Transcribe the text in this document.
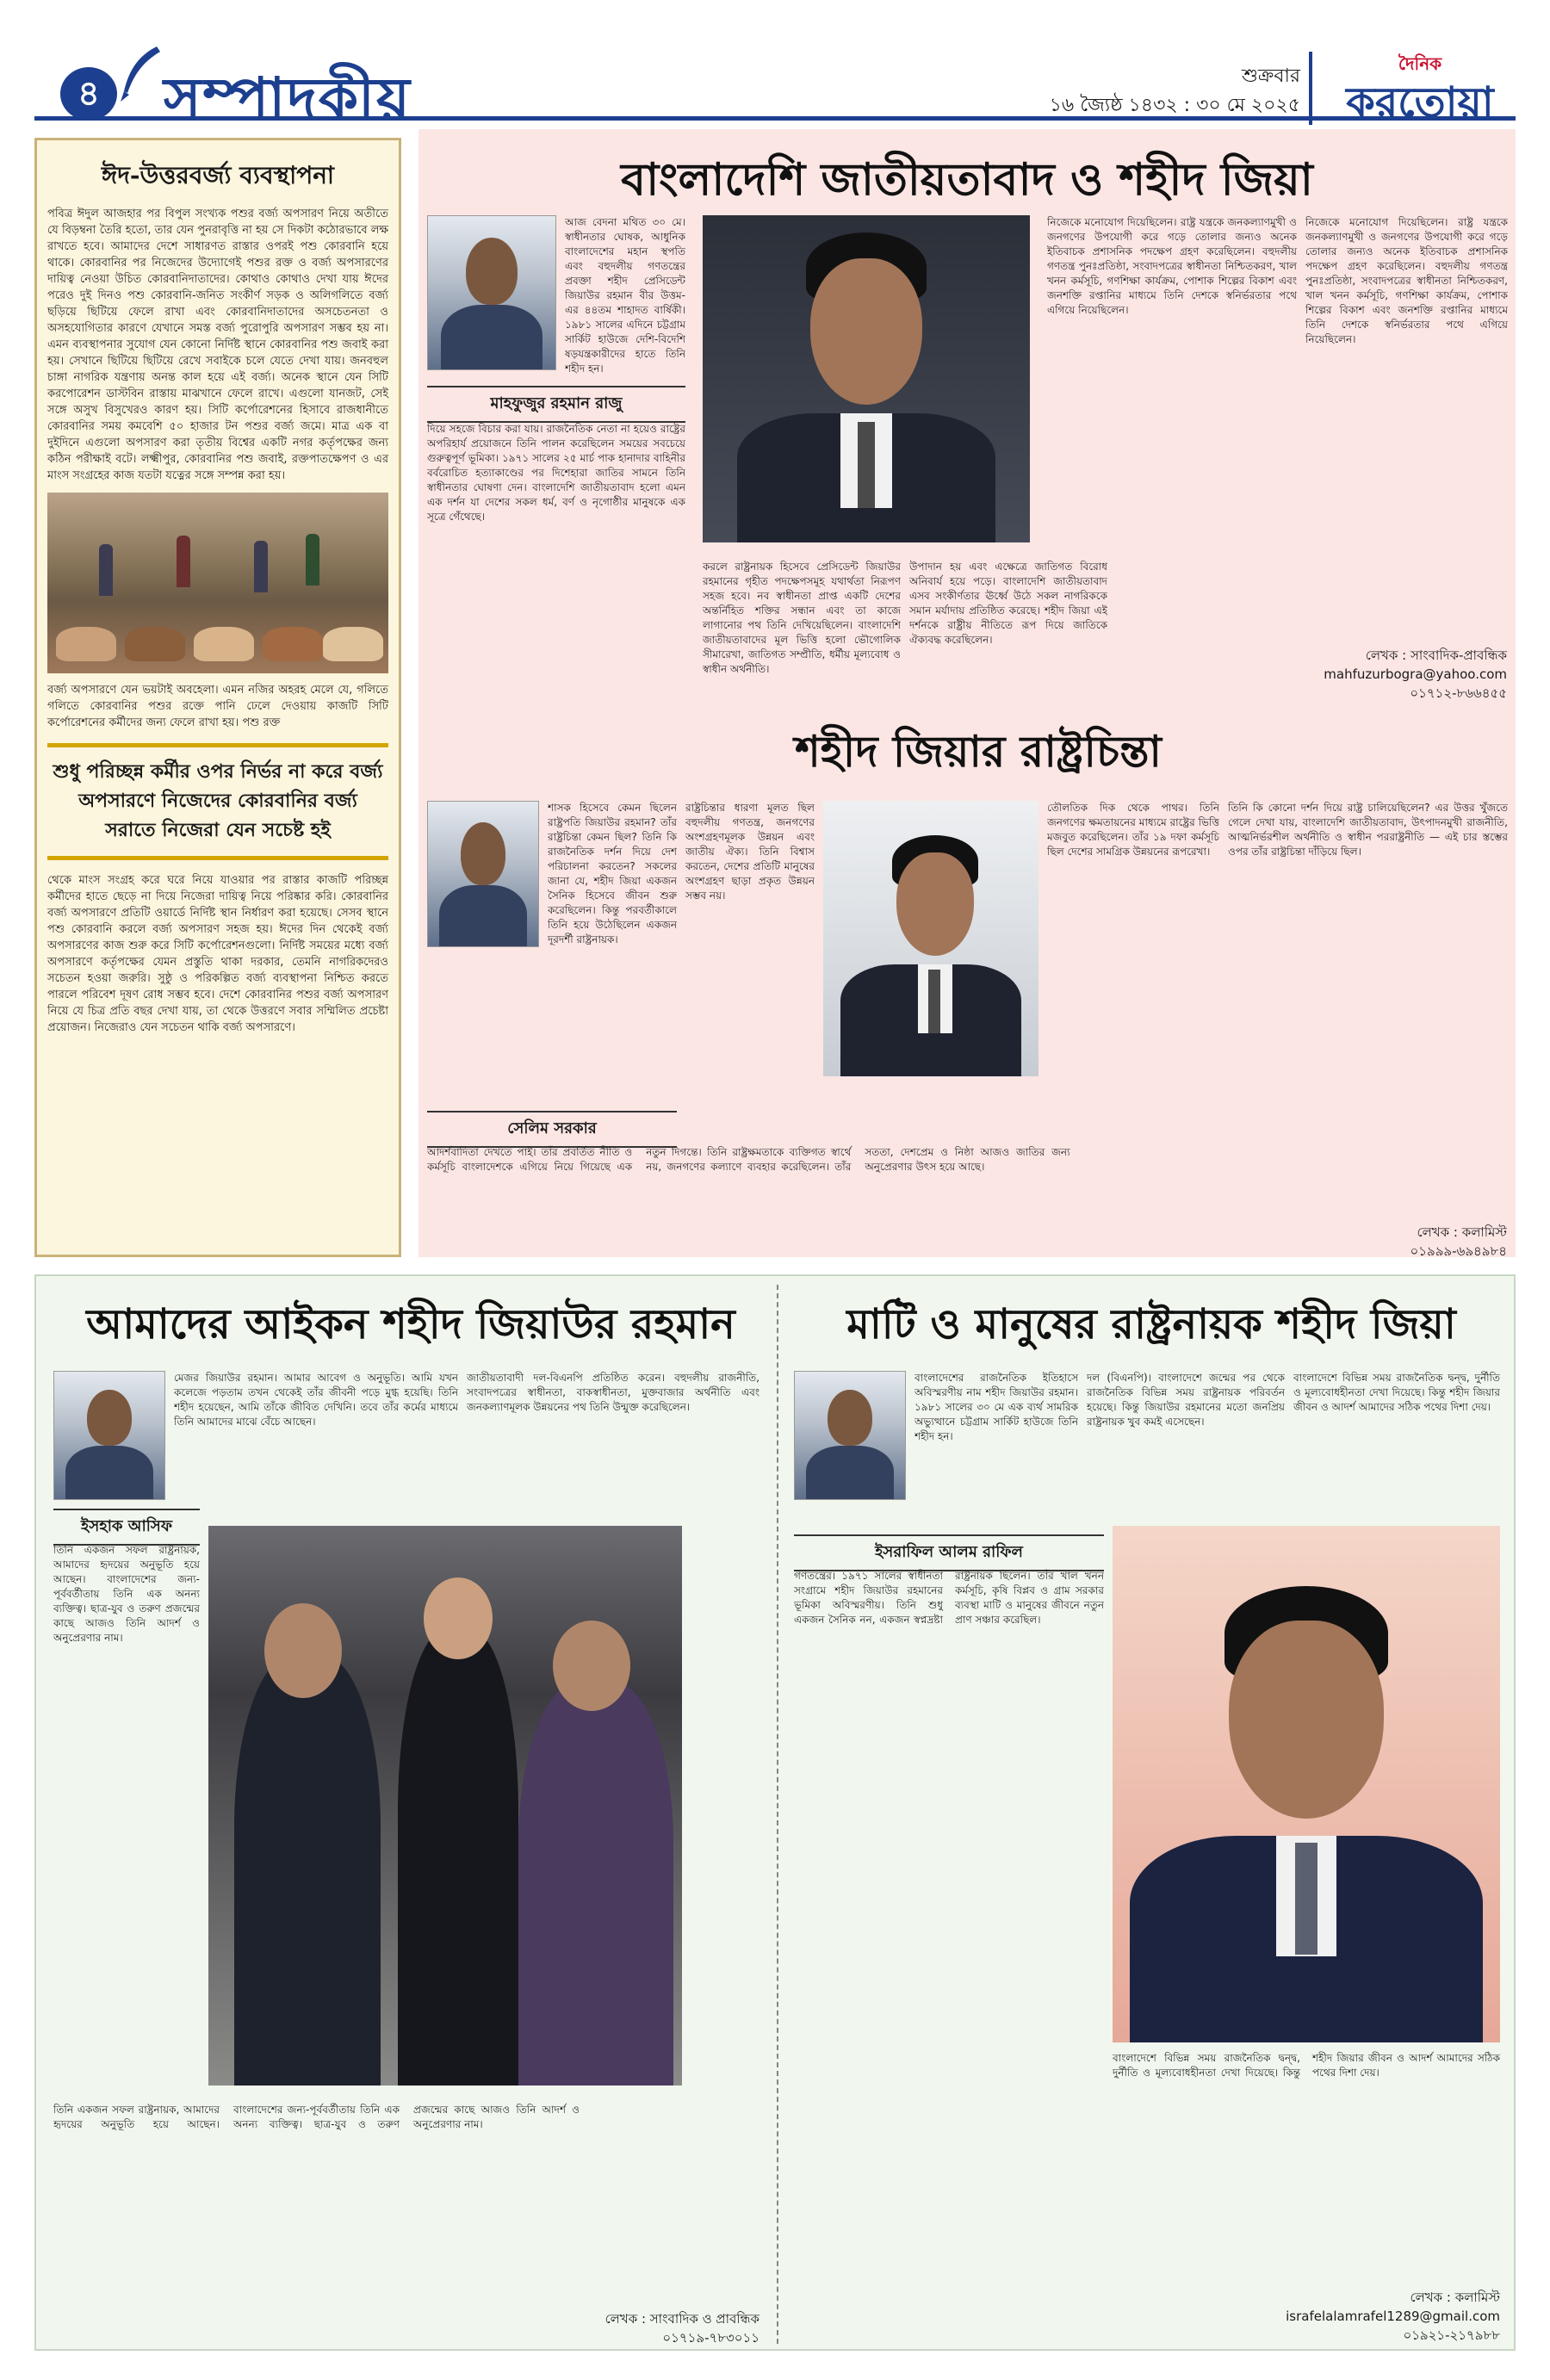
৪	সম্পাদকীয়	শুক্রবার
১৬ জ্যৈষ্ঠ ১৪৩২ : ৩০ মে ২০২৫
দৈনিক
করতোয়া
ঈদ-উত্তরবর্জ্য ব্যবস্থাপনা

পবিত্র ঈদুল আজহার পর বিপুল সংখ্যক পশুর বর্জ্য অপসারণ নিয়ে অতীতে যে বিড়ম্বনা তৈরি হতো, তার যেন পুনরাবৃত্তি না হয় সে দিকটা কঠোরভাবে লক্ষ রাখতে হবে। আমাদের দেশে সাধারণত রাস্তার ওপরই পশু কোরবানি হয়ে থাকে। কোরবানির পর নিজেদের উদ্যোগেই পশুর রক্ত ও বর্জ্য অপসারণের দায়িত্ব নেওয়া উচিত কোরবানিদাতাদের। কোথাও কোথাও দেখা যায় ঈদের পরেও দুই দিনও পশু কোরবানি-জনিত সংকীর্ণ সড়ক ও অলিগলিতে বর্জ্য ছড়িয়ে ছিটিয়ে ফেলে রাখা এবং কোরবানিদাতাদের অসচেতনতা ও অসহযোগিতার কারণে যেখানে সমস্ত বর্জ্য পুরোপুরি অপসারণ সম্ভব হয় না। এমন ব্যবস্থাপনার সুযোগ যেন কোনো নির্দিষ্ট স্থানে কোরবানির পশু জবাই করা হয়। সেখানে ছিটিয়ে ছিটিয়ে রেখে সবাইকে চলে যেতে দেখা যায়। জনবহুল চাঙ্গা নাগরিক যন্ত্রণায় অনন্ত কাল হয়ে এই বর্জ্য। অনেক স্থানে যেন সিটি করপোরেশন ডাস্টবিন রাস্তায় মাঝখানে ফেলে রাখে। এগুলো যানজট, সেই সঙ্গে অসুখ বিসুখেরও কারণ হয়। সিটি কর্পোরেশনের হিসাবে রাজধানীতে কোরবানির সময় কমবেশি ৫০ হাজার টন পশুর বর্জ্য জমে। মাত্র এক বা দুইদিনে এগুলো অপসারণ করা তৃতীয় বিশ্বের একটি নগর কর্তৃপক্ষের জন্য কঠিন পরীক্ষাই বটে। লক্ষ্মীপুর, কোরবানির পশু জবাই, রক্তপাতক্ষেপণ ও এর মাংস সংগ্রহের কাজ যতটা যত্নের সঙ্গে সম্পন্ন করা হয়।

বর্জ্য অপসারণে যেন ভয়টাই অবহেলা। এমন নজির অহরহ মেলে যে, গলিতে গলিতে কোরবানির পশুর রক্তে পানি ঢেলে দেওয়ায় কাজটি সিটি কর্পোরেশনের কর্মীদের জন্য ফেলে রাখা হয়। পশু রক্ত

শুধু পরিচ্ছন্ন কর্মীর ওপর নির্ভর না করে বর্জ্য অপসারণে নিজেদের কোরবানির বর্জ্য সরাতে নিজেরা যেন সচেষ্ট হই

থেকে মাংস সংগ্রহ করে ঘরে নিয়ে যাওয়ার পর রাস্তার কাজটি পরিচ্ছন্ন কর্মীদের হাতে ছেড়ে না দিয়ে নিজেরা দায়িত্ব নিয়ে পরিষ্কার করি। কোরবানির বর্জ্য অপসারণে প্রতিটি ওয়ার্ডে নির্দিষ্ট স্থান নির্ধারণ করা হয়েছে। সেসব স্থানে পশু কোরবানি করলে বর্জ্য অপসারণ সহজ হয়। ঈদের দিন থেকেই বর্জ্য অপসারণের কাজ শুরু করে সিটি কর্পোরেশনগুলো। নির্দিষ্ট সময়ের মধ্যে বর্জ্য অপসারণে কর্তৃপক্ষের যেমন প্রস্তুতি থাকা দরকার, তেমনি নাগরিকদেরও সচেতন হওয়া জরুরি। সুষ্ঠু ও পরিকল্পিত বর্জ্য ব্যবস্থাপনা নিশ্চিত করতে পারলে পরিবেশ দূষণ রোধ সম্ভব হবে। দেশে কোরবানির পশুর বর্জ্য অপসারণ নিয়ে যে চিত্র প্রতি বছর দেখা যায়, তা থেকে উত্তরণে সবার সম্মিলিত প্রচেষ্টা প্রয়োজন। নিজেরাও যেন সচেতন থাকি বর্জ্য অপসারণে।

বাংলাদেশি জাতীয়তাবাদ ও শহীদ জিয়া

আজ বেদনা মথিত ৩০ মে। স্বাধীনতার ঘোষক, আধুনিক বাংলাদেশের মহান স্থপতি এবং বহুদলীয় গণতন্ত্রের প্রবক্তা শহীদ প্রেসিডেন্ট জিয়াউর রহমান বীর উত্তম-এর ৪৪তম শাহাদত বার্ষিকী। ১৯৮১ সালের এদিনে চট্টগ্রাম সার্কিট হাউজে দেশি-বিদেশি ষড়যন্ত্রকারীদের হাতে তিনি শহীদ হন।

মাহফুজুর রহমান রাজু

দিয়ে সহজে বিচার করা যায়। রাজনৈতিক নেতা না হয়েও রাষ্ট্রের অপরিহার্য প্রয়োজনে তিনি পালন করেছিলেন সময়ের সবচেয়ে গুরুত্বপূর্ণ ভূমিকা। ১৯৭১ সালের ২৫ মার্চ পাক হানাদার বাহিনীর বর্বরোচিত হত্যাকাণ্ডের পর দিশেহারা জাতির সামনে তিনি স্বাধীনতার ঘোষণা দেন। বাংলাদেশি জাতীয়তাবাদ হলো এমন এক দর্শন যা দেশের সকল ধর্ম, বর্ণ ও নৃগোষ্ঠীর মানুষকে এক সূত্রে গেঁথেছে।

করলে রাষ্ট্রনায়ক হিসেবে প্রেসিডেন্ট জিয়াউর রহমানের গৃহীত পদক্ষেপসমূহ যথার্থতা নিরূপণ সহজ হবে। নব স্বাধীনতা প্রাপ্ত একটি দেশের অন্তর্নিহিত শক্তির সন্ধান এবং তা কাজে লাগানোর পথ তিনি দেখিয়েছিলেন। বাংলাদেশি জাতীয়তাবাদের মূল ভিত্তি হলো ভৌগোলিক সীমারেখা, জাতিগত সম্প্রীতি, ধর্মীয় মূল্যবোধ ও স্বাধীন অর্থনীতি।

উপাদান হয় এবং এক্ষেত্রে জাতিগত বিরোধ অনিবার্য হয়ে পড়ে। বাংলাদেশি জাতীয়তাবাদ এসব সংকীর্ণতার ঊর্ধ্বে উঠে সকল নাগরিককে সমান মর্যাদায় প্রতিষ্ঠিত করেছে। শহীদ জিয়া এই দর্শনকে রাষ্ট্রীয় নীতিতে রূপ দিয়ে জাতিকে ঐক্যবদ্ধ করেছিলেন।

নিজেকে মনোযোগ দিয়েছিলেন। রাষ্ট্র যন্ত্রকে জনকল্যাণমুখী ও জনগণের উপযোগী করে গড়ে তোলার জন্যও অনেক ইতিবাচক প্রশাসনিক পদক্ষেপ গ্রহণ করেছিলেন। বহুদলীয় গণতন্ত্র পুনঃপ্রতিষ্ঠা, সংবাদপত্রের স্বাধীনতা নিশ্চিতকরণ, খাল খনন কর্মসূচি, গণশিক্ষা কার্যক্রম, পোশাক শিল্পের বিকাশ এবং জনশক্তি রপ্তানির মাধ্যমে তিনি দেশকে স্বনির্ভরতার পথে এগিয়ে নিয়েছিলেন।

নিজেকে মনোযোগ দিয়েছিলেন। রাষ্ট্র যন্ত্রকে জনকল্যাণমুখী ও জনগণের উপযোগী করে গড়ে তোলার জন্যও অনেক ইতিবাচক প্রশাসনিক পদক্ষেপ গ্রহণ করেছিলেন। বহুদলীয় গণতন্ত্র পুনঃপ্রতিষ্ঠা, সংবাদপত্রের স্বাধীনতা নিশ্চিতকরণ, খাল খনন কর্মসূচি, গণশিক্ষা কার্যক্রম, পোশাক শিল্পের বিকাশ এবং জনশক্তি রপ্তানির মাধ্যমে তিনি দেশকে স্বনির্ভরতার পথে এগিয়ে নিয়েছিলেন।

লেখক : সাংবাদিক-প্রাবন্ধিক
mahfuzurbogra@yahoo.com
০১৭১২-৮৬৬৪৫৫
শহীদ জিয়ার রাষ্ট্রচিন্তা

শাসক হিসেবে কেমন ছিলেন রাষ্ট্রপতি জিয়াউর রহমান? তাঁর রাষ্ট্রচিন্তা কেমন ছিল? তিনি কি রাজনৈতিক দর্শন দিয়ে দেশ পরিচালনা করতেন? সকলের জানা যে, শহীদ জিয়া একজন সৈনিক হিসেবে জীবন শুরু করেছিলেন। কিন্তু পরবর্তীকালে তিনি হয়ে উঠেছিলেন একজন দূরদর্শী রাষ্ট্রনায়ক।

রাষ্ট্রচিন্তার ধারণা মূলত ছিল বহুদলীয় গণতন্ত্র, জনগণের অংশগ্রহণমূলক উন্নয়ন এবং জাতীয় ঐক্য। তিনি বিশ্বাস করতেন, দেশের প্রতিটি মানুষের অংশগ্রহণ ছাড়া প্রকৃত উন্নয়ন সম্ভব নয়।

সেলিম সরকার

তৌলতিক দিক থেকে পাথর। তিনি জনগণের ক্ষমতায়নের মাধ্যমে রাষ্ট্রের ভিত্তি মজবুত করেছিলেন। তাঁর ১৯ দফা কর্মসূচি ছিল দেশের সামগ্রিক উন্নয়নের রূপরেখা।

তিনি কি কোনো দর্শন দিয়ে রাষ্ট্র চালিয়েছিলেন? এর উত্তর খুঁজতে গেলে দেখা যায়, বাংলাদেশি জাতীয়তাবাদ, উৎপাদনমুখী রাজনীতি, আত্মনির্ভরশীল অর্থনীতি ও স্বাধীন পররাষ্ট্রনীতি — এই চার স্তম্ভের ওপর তাঁর রাষ্ট্রচিন্তা দাঁড়িয়ে ছিল।

আদর্শবাদিতা দেখতে পাই। তাঁর প্রবর্তিত নীতি ও কর্মসূচি বাংলাদেশকে এগিয়ে নিয়ে গিয়েছে এক নতুন দিগন্তে। তিনি রাষ্ট্রক্ষমতাকে ব্যক্তিগত স্বার্থে নয়, জনগণের কল্যাণে ব্যবহার করেছিলেন। তাঁর সততা, দেশপ্রেম ও নিষ্ঠা আজও জাতির জন্য অনুপ্রেরণার উৎস হয়ে আছে।

লেখক : কলামিস্ট
০১৯৯৯-৬৯৪৯৮৪
আমাদের আইকন শহীদ জিয়াউর রহমান

মেজর জিয়াউর রহমান। আমার আবেগ ও অনুভূতি। আমি যখন কলেজে পড়তাম তখন থেকেই তাঁর জীবনী পড়ে মুগ্ধ হয়েছি। তিনি শহীদ হয়েছেন, আমি তাঁকে জীবিত দেখিনি। তবে তাঁর কর্মের মাধ্যমে তিনি আমাদের মাঝে বেঁচে আছেন।

জাতীয়তাবাদী দল-বিএনপি প্রতিষ্ঠিত করেন। বহুদলীয় রাজনীতি, সংবাদপত্রের স্বাধীনতা, বাকস্বাধীনতা, মুক্তবাজার অর্থনীতি এবং জনকল্যাণমূলক উন্নয়নের পথ তিনি উন্মুক্ত করেছিলেন।

ইসহাক আসিফ

তিনি একজন সফল রাষ্ট্রনায়ক, আমাদের হৃদয়ের অনুভূতি হয়ে আছেন। বাংলাদেশের জন্য-পূর্ববর্তীতায় তিনি এক অনন্য ব্যক্তিত্ব। ছাত্র-যুব ও তরুণ প্রজন্মের কাছে আজও তিনি আদর্শ ও অনুপ্রেরণার নাম।

তিনি একজন সফল রাষ্ট্রনায়ক, আমাদের হৃদয়ের অনুভূতি হয়ে আছেন। বাংলাদেশের জন্য-পূর্ববর্তীতায় তিনি এক অনন্য ব্যক্তিত্ব। ছাত্র-যুব ও তরুণ প্রজন্মের কাছে আজও তিনি আদর্শ ও অনুপ্রেরণার নাম।

লেখক : সাংবাদিক ও প্রাবন্ধিক
০১৭১৯-৭৮৩০১১
মাটি ও মানুষের রাষ্ট্রনায়ক শহীদ জিয়া

বাংলাদেশের রাজনৈতিক ইতিহাসে অবিস্মরণীয় নাম শহীদ জিয়াউর রহমান। ১৯৮১ সালের ৩০ মে এক ব্যর্থ সামরিক অভ্যুত্থানে চট্টগ্রাম সার্কিট হাউজে তিনি শহীদ হন।

দল (বিএনপি)। বাংলাদেশে জন্মের পর থেকে রাজনৈতিক বিভিন্ন সময় রাষ্ট্রনায়ক পরিবর্তন হয়েছে। কিন্তু জিয়াউর রহমানের মতো জনপ্রিয় রাষ্ট্রনায়ক খুব কমই এসেছেন।

বাংলাদেশে বিভিন্ন সময় রাজনৈতিক দ্বন্দ্ব, দুর্নীতি ও মূল্যবোধহীনতা দেখা দিয়েছে। কিন্তু শহীদ জিয়ার জীবন ও আদর্শ আমাদের সঠিক পথের দিশা দেয়।

ইসরাফিল আলম রাফিল

গণতন্ত্রের। ১৯৭১ সালের স্বাধীনতা সংগ্রামে শহীদ জিয়াউর রহমানের ভূমিকা অবিস্মরণীয়। তিনি শুধু একজন সৈনিক নন, একজন স্বপ্নদ্রষ্টা রাষ্ট্রনায়ক ছিলেন। তাঁর খাল খনন কর্মসূচি, কৃষি বিপ্লব ও গ্রাম সরকার ব্যবস্থা মাটি ও মানুষের জীবনে নতুন প্রাণ সঞ্চার করেছিল।

বাংলাদেশে বিভিন্ন সময় রাজনৈতিক দ্বন্দ্ব, দুর্নীতি ও মূল্যবোধহীনতা দেখা দিয়েছে। কিন্তু শহীদ জিয়ার জীবন ও আদর্শ আমাদের সঠিক পথের দিশা দেয়।

লেখক : কলামিস্ট
israfelalamrafel1289@gmail.com
০১৯২১-২১৭৯৮৮
